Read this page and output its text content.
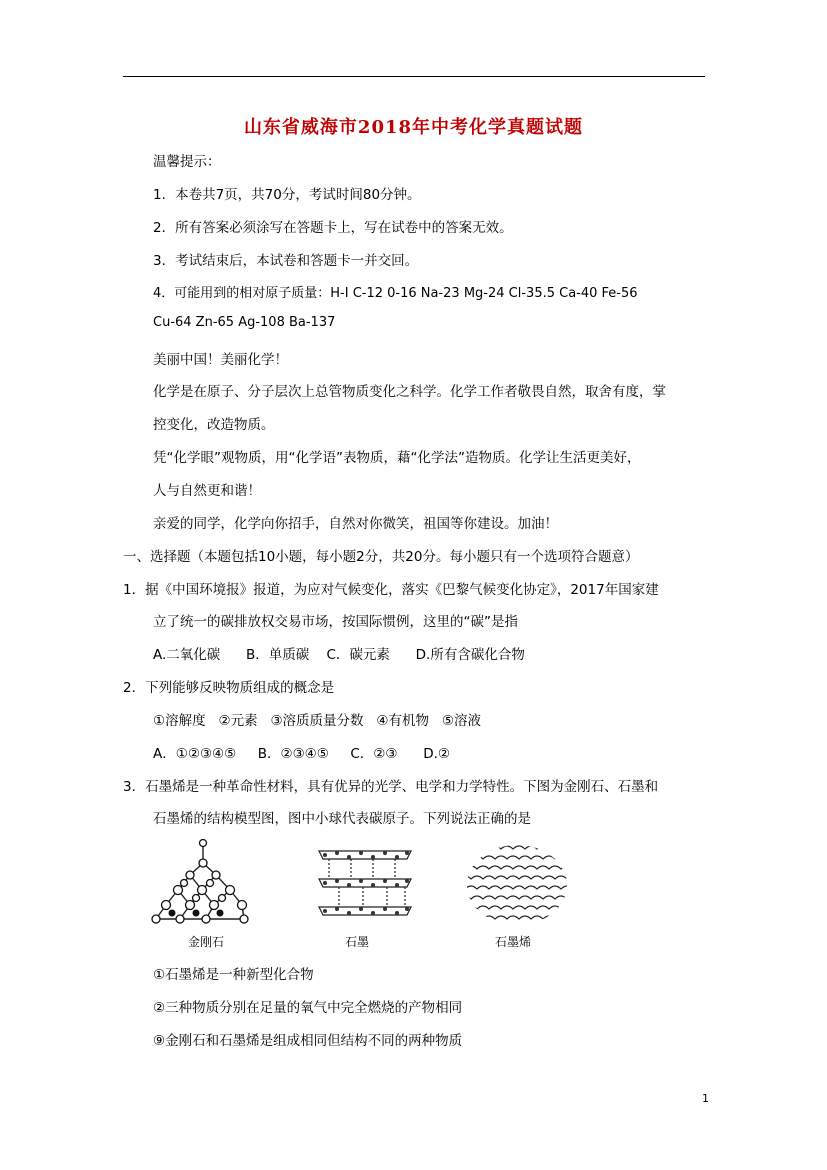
山东省威海市2018年中考化学真题试题
温馨提示：
1．本卷共7页，共70分，考试时间80分钟。
2．所有答案必须涂写在答题卡上，写在试卷中的答案无效。
3．考试结束后，本试卷和答题卡一并交回。
4．可能用到的相对原子质量：H-I C-12 0-16 Na-23 Mg-24 Cl-35.5 Ca-40 Fe-56
Cu-64 Zn-65 Ag-108 Ba-137
美丽中国！美丽化学！
化学是在原子、分子层次上总管物质变化之科学。化学工作者敬畏自然，取舍有度，掌
控变化，改造物质。
凭“化学眼”观物质，用“化学语”表物质，藉“化学法”造物质。化学让生活更美好，
人与自然更和谐！
亲爱的同学，化学向你招手，自然对你微笑，祖国等你建设。加油！
一、选择题（本题包括10小题，每小题2分，共20分。每小题只有一个选项符合题意）
1．据《中国环境报》报道，为应对气候变化，落实《巴黎气候变化协定》，2017年国家建
立了统一的碳排放权交易市场，按国际惯例，这里的“碳”是指
A.二氧化碳      B．单质碳    C．碳元素      D.所有含碳化合物
2．下列能够反映物质组成的概念是
①溶解度   ②元素   ③溶质质量分数   ④有机物   ⑤溶液
A．①②③④⑤     B．②③④⑤     C．②③      D.②
3．石墨烯是一种革命性材料，具有优异的光学、电学和力学特性。下图为金刚石、石墨和
石墨烯的结构模型图，图中小球代表碳原子。下列说法正确的是
金刚石	石墨	石墨烯
①石墨烯是一种新型化合物
②三种物质分别在足量的氧气中完全燃烧的产物相同
⑨金刚石和石墨烯是组成相同但结构不同的两种物质
1
